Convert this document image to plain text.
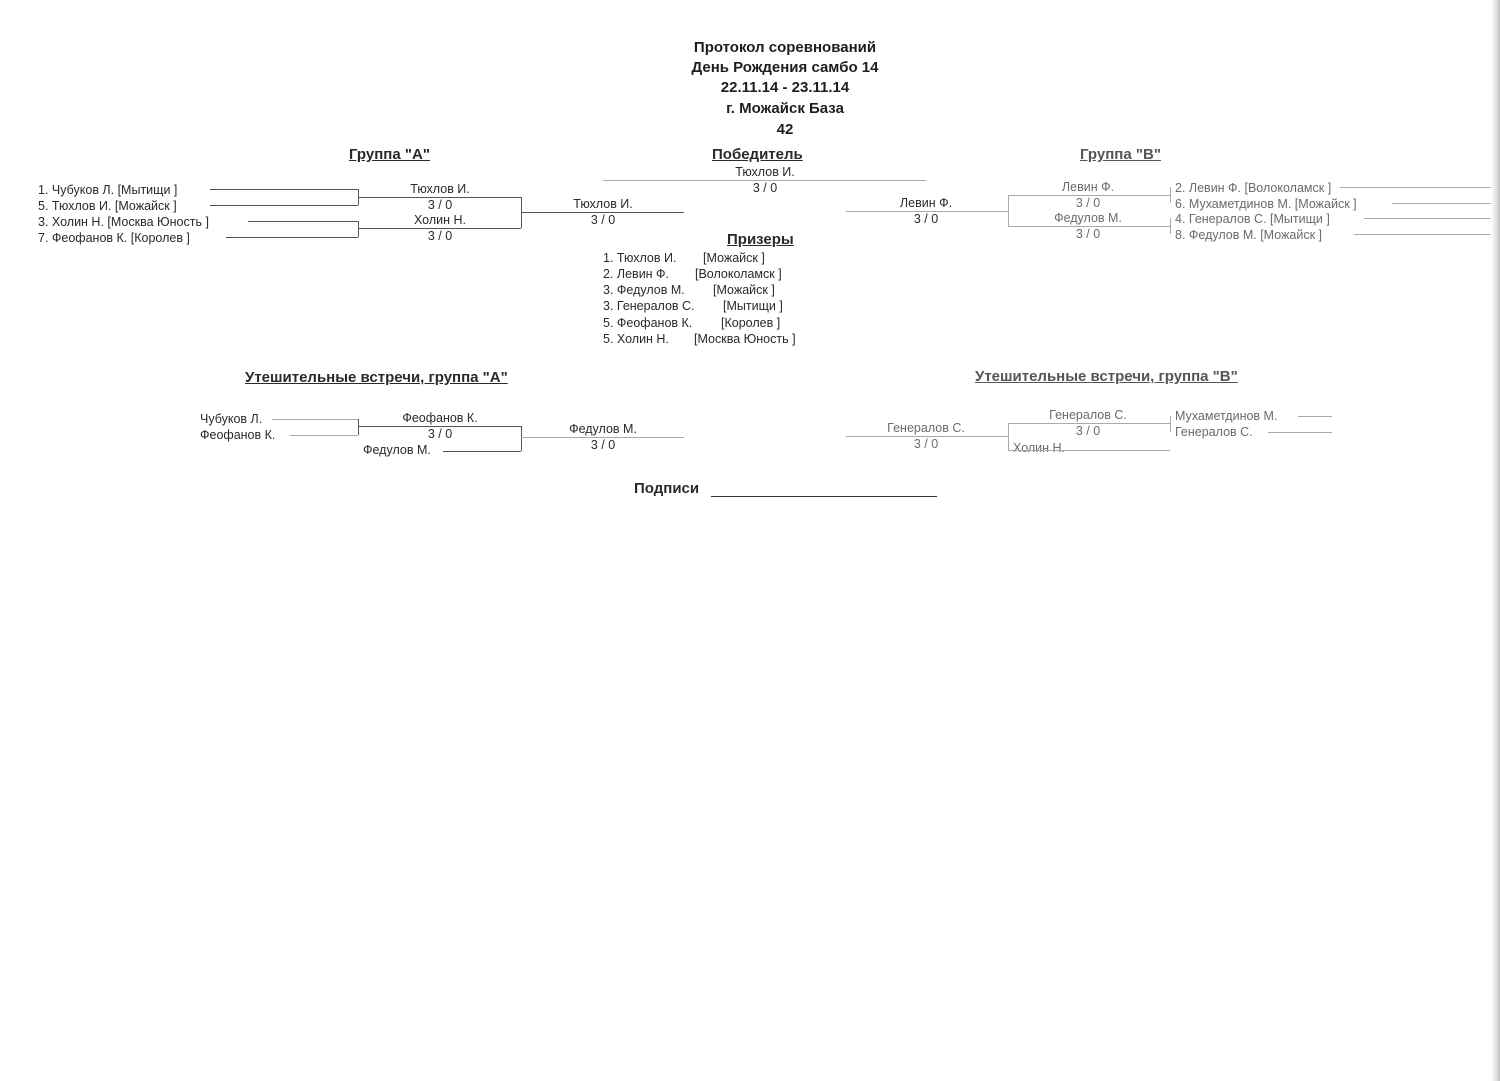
Протокол соревнований
День Рождения самбо 14
22.11.14 - 23.11.14
г. Можайск База
42
Группа "А"	Победитель	Группа "В"
Тюхлов И.
3 / 0
1. Чубуков Л. [Мытищи ]
5. Тюхлов И. [Можайск ]
3. Холин Н. [Москва Юность ]
7. Феофанов К. [Королев ]
Тюхлов И.
3 / 0
Холин Н.
3 / 0
Тюхлов И.
3 / 0
Левин Ф.
3 / 0
Левин Ф.
3 / 0
Федулов М.
3 / 0
2. Левин Ф. [Волоколамск ]
6. Мухаметдинов М. [Можайск ]
4. Генералов С. [Мытищи ]
8. Федулов М. [Можайск ]
Призеры
1. Тюхлов И. [Можайск ]
2. Левин Ф. [Волоколамск ]
3. Федулов М. [Можайск ]
3. Генералов С. [Мытищи ]
5. Феофанов К. [Королев ]
5. Холин Н. [Москва Юность ]
Утешительные встречи, группа "А"
Чубуков Л.
Феофанов К.
Феофанов К.
3 / 0
Федулов М.
Федулов М.
3 / 0
Утешительные встречи, группа "В"
Генералов С.
3 / 0
Генералов С.
3 / 0
Холин Н.
Мухаметдинов М.
Генералов С.
Подписи
